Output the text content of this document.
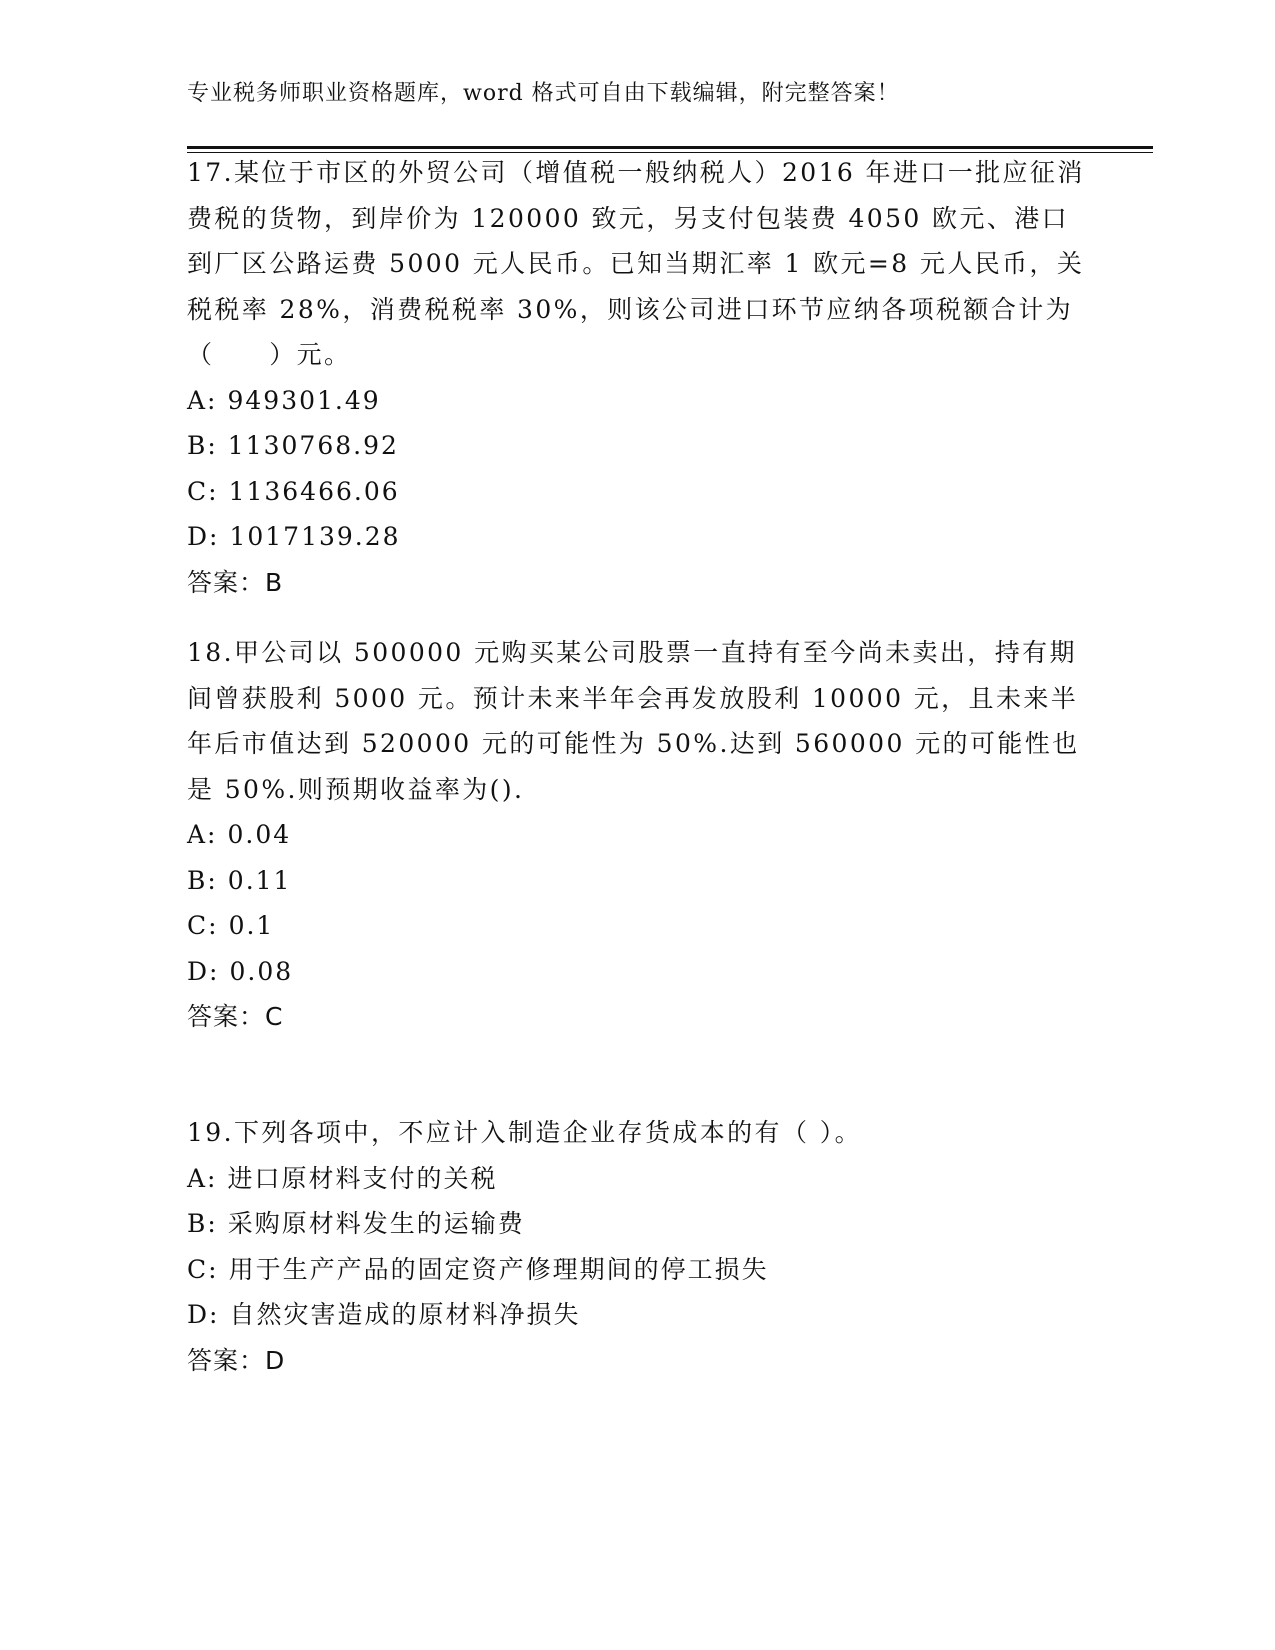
专业税务师职业资格题库，word 格式可自由下载编辑，附完整答案！

17.某位于市区的外贸公司（增值税一般纳税人）2016 年进口一批应征消费税的货物，到岸价为 120000 致元，另支付包装费 4050 欧元、港口到厂区公路运费 5000 元人民币。已知当期汇率 1 欧元=8 元人民币，关税税率 28%，消费税税率 30%，则该公司进口环节应纳各项税额合计为（　　）元。

A: 949301.49

B: 1130768.92

C: 1136466.06

D: 1017139.28

答案：B

18.甲公司以 500000 元购买某公司股票一直持有至今尚未卖出，持有期间曾获股利 5000 元。预计未来半年会再发放股利 10000 元，且未来半年后市值达到 520000 元的可能性为 50%.达到 560000 元的可能性也是 50%.则预期收益率为().

A: 0.04

B: 0.11

C: 0.1

D: 0.08

答案：C

19.下列各项中，不应计入制造企业存货成本的有（ ）。

A: 进口原材料支付的关税

B: 采购原材料发生的运输费

C: 用于生产产品的固定资产修理期间的停工损失

D: 自然灾害造成的原材料净损失

答案：D
